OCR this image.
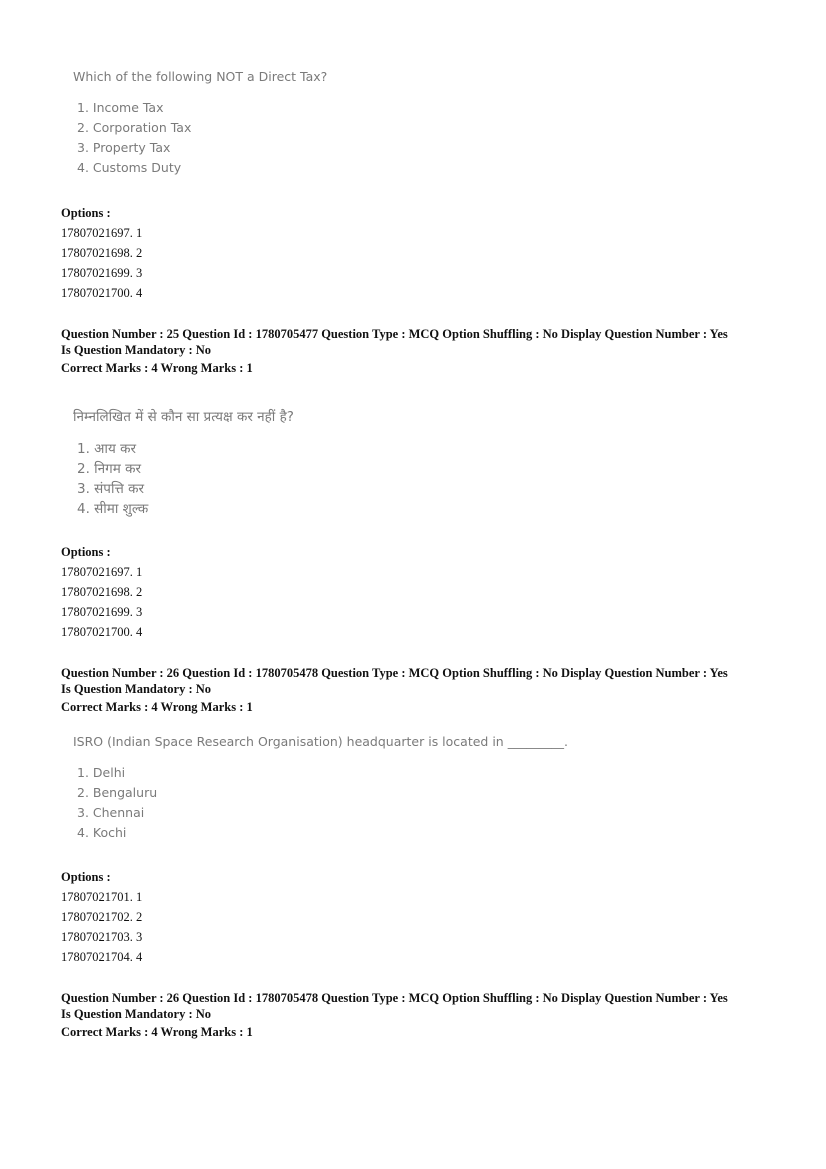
Which of the following NOT a Direct Tax?
1. Income Tax
2. Corporation Tax
3. Property Tax
4. Customs Duty
Options :
17807021697. 1
17807021698. 2
17807021699. 3
17807021700. 4
Question Number : 25 Question Id : 1780705477 Question Type : MCQ Option Shuffling : No Display Question Number : Yes
Is Question Mandatory : No
Correct Marks : 4 Wrong Marks : 1
निम्नलिखित में से कौन सा प्रत्यक्ष कर नहीं है?
1. आय कर
2. निगम कर
3. संपत्ति कर
4. सीमा शुल्क
Options :
17807021697. 1
17807021698. 2
17807021699. 3
17807021700. 4
Question Number : 26 Question Id : 1780705478 Question Type : MCQ Option Shuffling : No Display Question Number : Yes
Is Question Mandatory : No
Correct Marks : 4 Wrong Marks : 1
ISRO (Indian Space Research Organisation) headquarter is located in _________.
1. Delhi
2. Bengaluru
3. Chennai
4. Kochi
Options :
17807021701. 1
17807021702. 2
17807021703. 3
17807021704. 4
Question Number : 26 Question Id : 1780705478 Question Type : MCQ Option Shuffling : No Display Question Number : Yes
Is Question Mandatory : No
Correct Marks : 4 Wrong Marks : 1
